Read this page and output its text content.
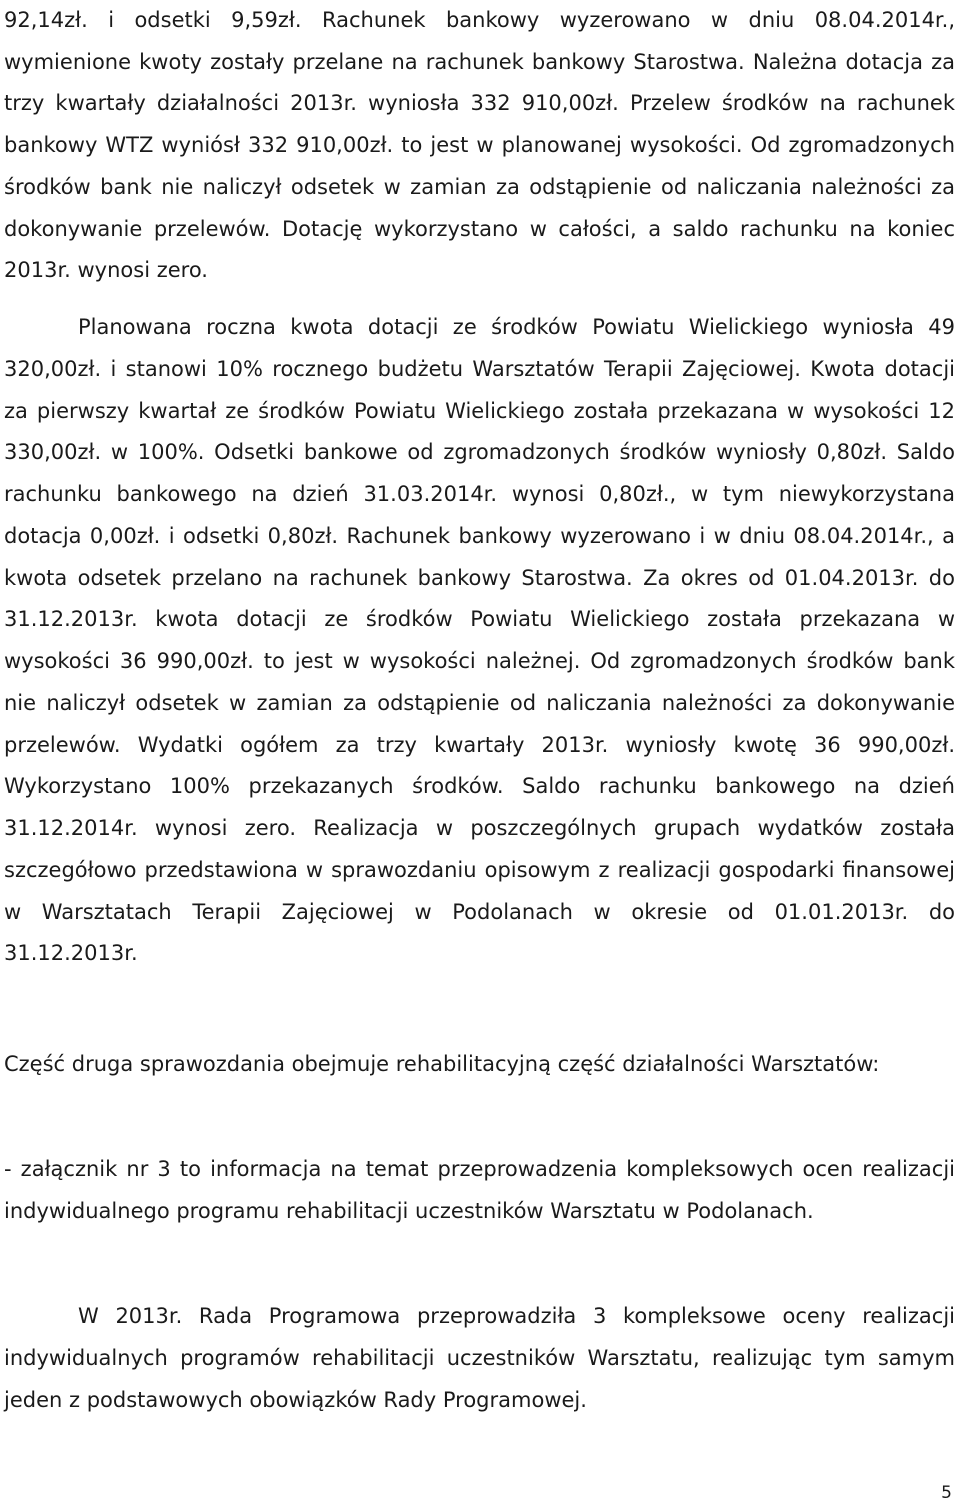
92,14zł. i odsetki 9,59zł. Rachunek bankowy wyzerowano w dniu 08.04.2014r., wymienione kwoty zostały przelane na rachunek bankowy Starostwa. Należna dotacja za trzy kwartały działalności 2013r. wyniosła 332 910,00zł. Przelew środków na rachunek bankowy WTZ wyniósł 332 910,00zł. to jest w planowanej wysokości. Od zgromadzonych środków bank nie naliczył odsetek w zamian za odstąpienie od naliczania należności za dokonywanie przelewów. Dotację wykorzystano w całości, a saldo rachunku na koniec 2013r. wynosi zero.

Planowana roczna kwota dotacji ze środków Powiatu Wielickiego wyniosła 49 320,00zł. i stanowi 10% rocznego budżetu Warsztatów Terapii Zajęciowej. Kwota dotacji za pierwszy kwartał ze środków Powiatu Wielickiego została przekazana w wysokości 12 330,00zł. w 100%. Odsetki bankowe od zgromadzonych środków wyniosły 0,80zł. Saldo rachunku bankowego na dzień 31.03.2014r. wynosi 0,80zł., w tym niewykorzystana dotacja 0,00zł. i odsetki 0,80zł. Rachunek bankowy wyzerowano i w dniu 08.04.2014r., a kwota odsetek przelano na rachunek bankowy Starostwa. Za okres od 01.04.2013r. do 31.12.2013r. kwota dotacji ze środków Powiatu Wielickiego została przekazana w wysokości 36 990,00zł. to jest w wysokości należnej. Od zgromadzonych środków bank nie naliczył odsetek w zamian za odstąpienie od naliczania należności za dokonywanie przelewów. Wydatki ogółem za trzy kwartały 2013r. wyniosły kwotę 36 990,00zł. Wykorzystano 100% przekazanych środków. Saldo rachunku bankowego na dzień 31.12.2014r. wynosi zero. Realizacja w poszczególnych grupach wydatków została szczegółowo przedstawiona w sprawozdaniu opisowym z realizacji gospodarki finansowej w Warsztatach Terapii Zajęciowej w Podolanach w okresie od 01.01.2013r. do 31.12.2013r.

Część druga sprawozdania obejmuje rehabilitacyjną część działalności Warsztatów:

- załącznik nr 3 to informacja na temat przeprowadzenia kompleksowych ocen realizacji indywidualnego programu rehabilitacji uczestników Warsztatu w Podolanach.

W 2013r. Rada Programowa przeprowadziła 3 kompleksowe oceny realizacji indywidualnych programów rehabilitacji uczestników Warsztatu, realizując tym samym jeden z podstawowych obowiązków Rady Programowej.

5
